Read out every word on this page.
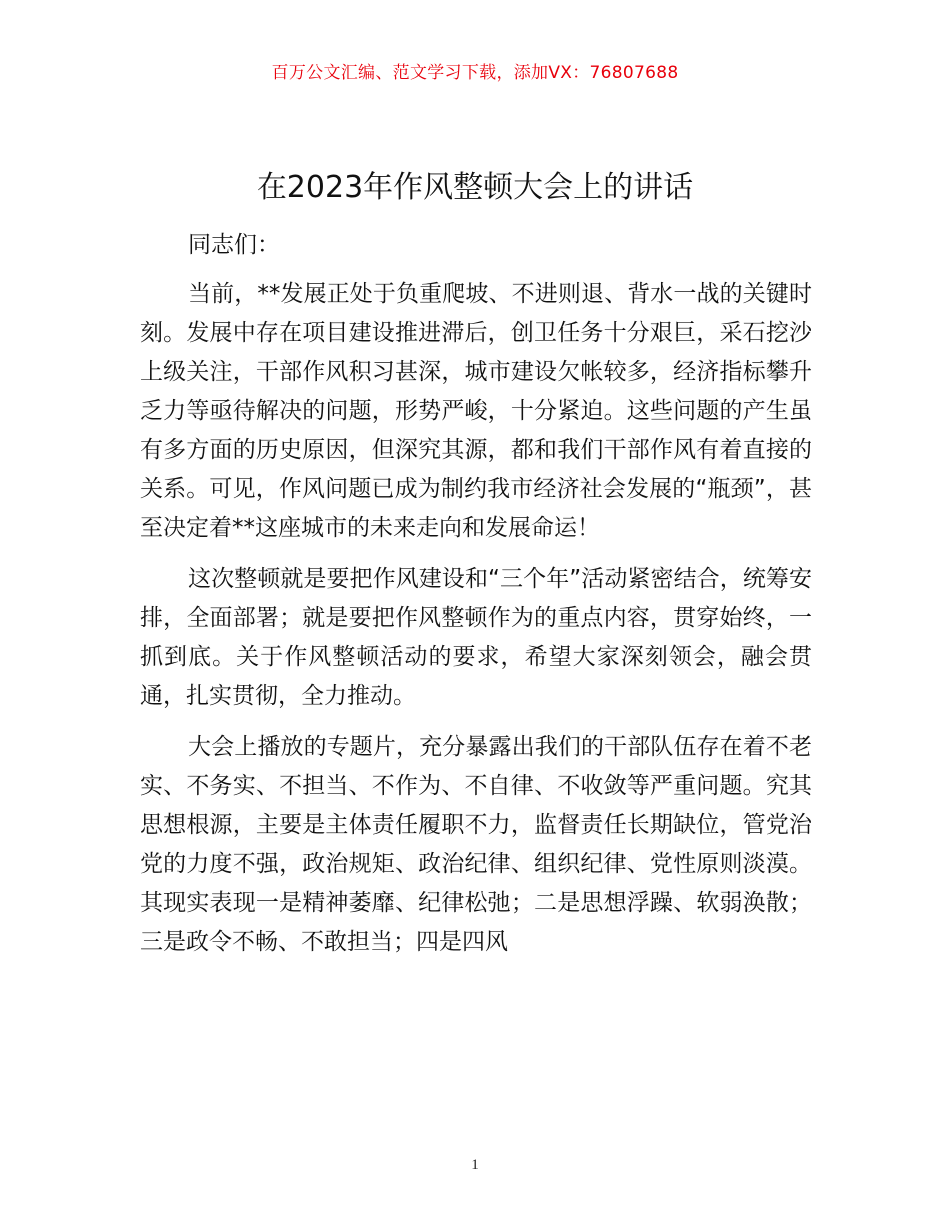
百万公文汇编、范文学习下载，添加VX：76807688
在2023年作风整顿大会上的讲话

同志们：

当前，**发展正处于负重爬坡、不进则退、背水一战的关键时刻。发展中存在项目建设推进滞后，创卫任务十分艰巨，采石挖沙上级关注，干部作风积习甚深，城市建设欠帐较多，经济指标攀升乏力等亟待解决的问题，形势严峻，十分紧迫。这些问题的产生虽有多方面的历史原因，但深究其源，都和我们干部作风有着直接的关系。可见，作风问题已成为制约我市经济社会发展的“瓶颈”，甚至决定着**这座城市的未来走向和发展命运！

这次整顿就是要把作风建设和“三个年”活动紧密结合，统筹安排，全面部署；就是要把作风整顿作为的重点内容，贯穿始终，一抓到底。关于作风整顿活动的要求，希望大家深刻领会，融会贯通，扎实贯彻，全力推动。

大会上播放的专题片，充分暴露出我们的干部队伍存在着不老实、不务实、不担当、不作为、不自律、不收敛等严重问题。究其思想根源，主要是主体责任履职不力，监督责任长期缺位，管党治党的力度不强，政治规矩、政治纪律、组织纪律、党性原则淡漠。其现实表现一是精神萎靡、纪律松弛；二是思想浮躁、软弱涣散；三是政令不畅、不敢担当；四是四风

1
